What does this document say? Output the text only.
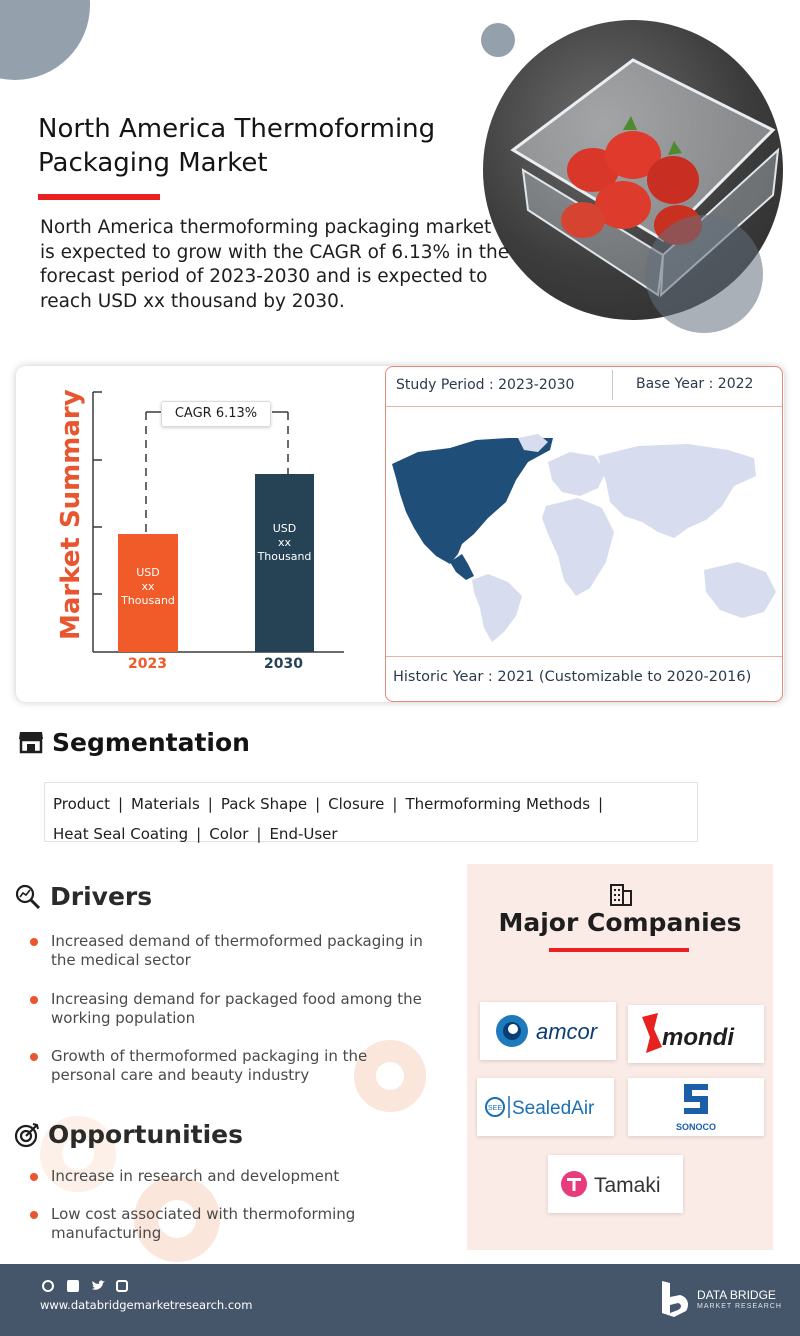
North America Thermoforming Packaging Market

North America thermoforming packaging market is expected to grow with the CAGR of 6.13% in the forecast period of 2023-2030 and is expected to reach USD xx thousand by 2030.

Market Summary	CAGR 6.13%
USD
xx
Thousand
USD
xx
Thousand
2023	2030
Study Period : 2023-2030	Base Year : 2022
Historic Year : 2021 (Customizable to 2020-2016)
Segmentation
Product | Materials | Pack Shape | Closure | Thermoforming Methods |
Heat Seal Coating | Color | End-User
Drivers
Increased demand of thermoformed packaging in the medical sector
Increasing demand for packaged food among the working population
Growth of thermoformed packaging in the personal care and beauty industry
Opportunities
Increase in research and development
Low cost associated with thermoforming manufacturing
Major Companies
amcor	mondi
SEE SealedAir
SONOCO
Tamaki
www.databridgemarketresearch.com
DATA BRIDGE
MARKET RESEARCH
